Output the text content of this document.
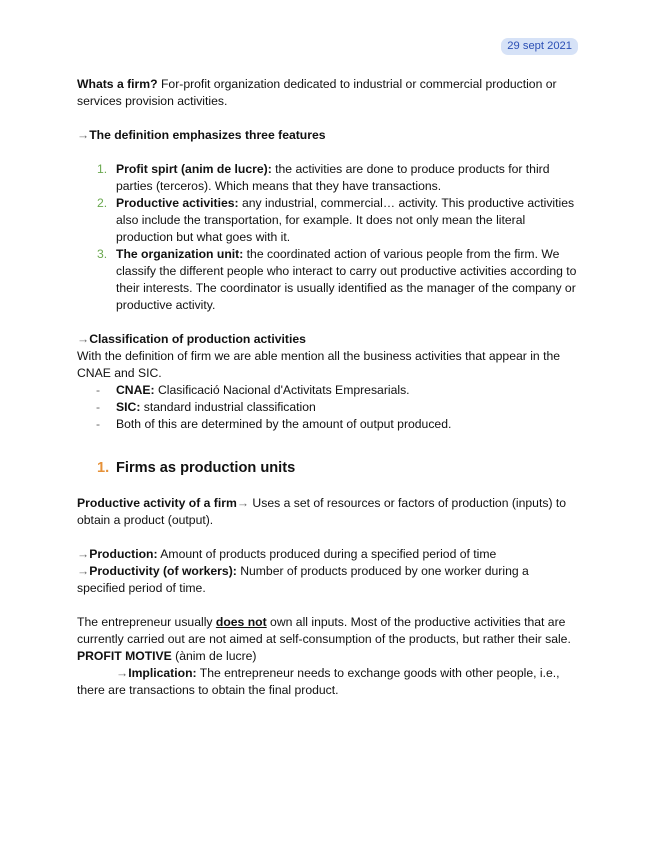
29 sept 2021

Whats a firm? For-profit organization dedicated to industrial or commercial production or services provision activities.

→The definition emphasizes three features

1. Profit spirt (anim de lucre): the activities are done to produce products for third parties (terceros). Which means that they have transactions.
2. Productive activities: any industrial, commercial… activity. This productive activities also include the transportation, for example. It does not only mean the literal production but what goes with it.
3. The organization unit: the coordinated action of various people from the firm. We classify the different people who interact to carry out productive activities according to their interests. The coordinator is usually identified as the manager of the company or productive activity.

→Classification of production activities

With the definition of firm we are able mention all the business activities that appear in the CNAE and SIC.

- CNAE: Clasificació Nacional d'Activitats Empresarials.
- SIC: standard industrial classification
- Both of this are determined by the amount of output produced.
1. Firms as production units

Productive activity of a firm→ Uses a set of resources or factors of production (inputs) to obtain a product (output).

→Production: Amount of products produced during a specified period of time

→Productivity (of workers): Number of products produced by one worker during a specified period of time.

The entrepreneur usually does not own all inputs. Most of the productive activities that are currently carried out are not aimed at self-consumption of the products, but rather their sale. PROFIT MOTIVE (ànim de lucre)

→Implication: The entrepreneur needs to exchange goods with other people, i.e., there are transactions to obtain the final product.
